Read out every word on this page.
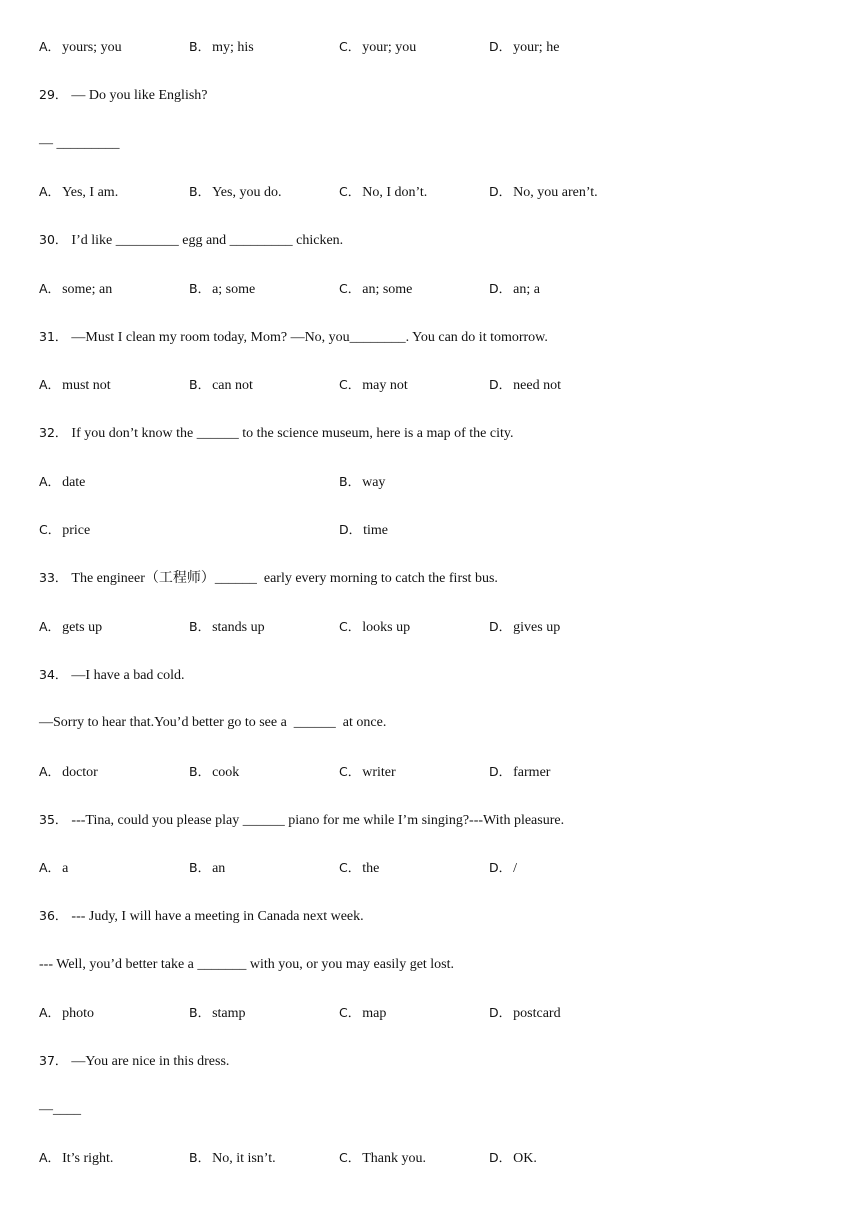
A． yours; you	B． my; his	C． your; you	D． your; he
29． — Do you like English?
— _________
A． Yes, I am.	B． Yes, you do.	C． No, I don’t.	D． No, you aren’t.
30． I’d like _________ egg and _________ chicken.
A． some; an	B． a; some	C． an; some	D． an; a
31． —Must I clean my room today, Mom? —No, you________. You can do it tomorrow.
A． must not	B． can not	C． may not	D． need not
32． If you don’t know the ______ to the science museum, here is a map of the city.
A． date	B． way
C． price	D． time
33． The engineer（工程师）______  early every morning to catch the first bus.
A． gets up	B． stands up	C． looks up	D． gives up
34． —I have a bad cold.
—Sorry to hear that.You’d better go to see a  ______  at once.
A． doctor	B． cook	C． writer	D． farmer
35． ---Tina, could you please play ______ piano for me while I’m singing?---With pleasure.
A． a	B． an	C． the	D． /
36． --- Judy, I will have a meeting in Canada next week.
--- Well, you’d better take a _______ with you, or you may easily get lost.
A． photo	B． stamp	C． map	D． postcard
37． —You are nice in this dress.
—____
A． It’s right.	B． No, it isn’t.	C． Thank you.	D． OK.
